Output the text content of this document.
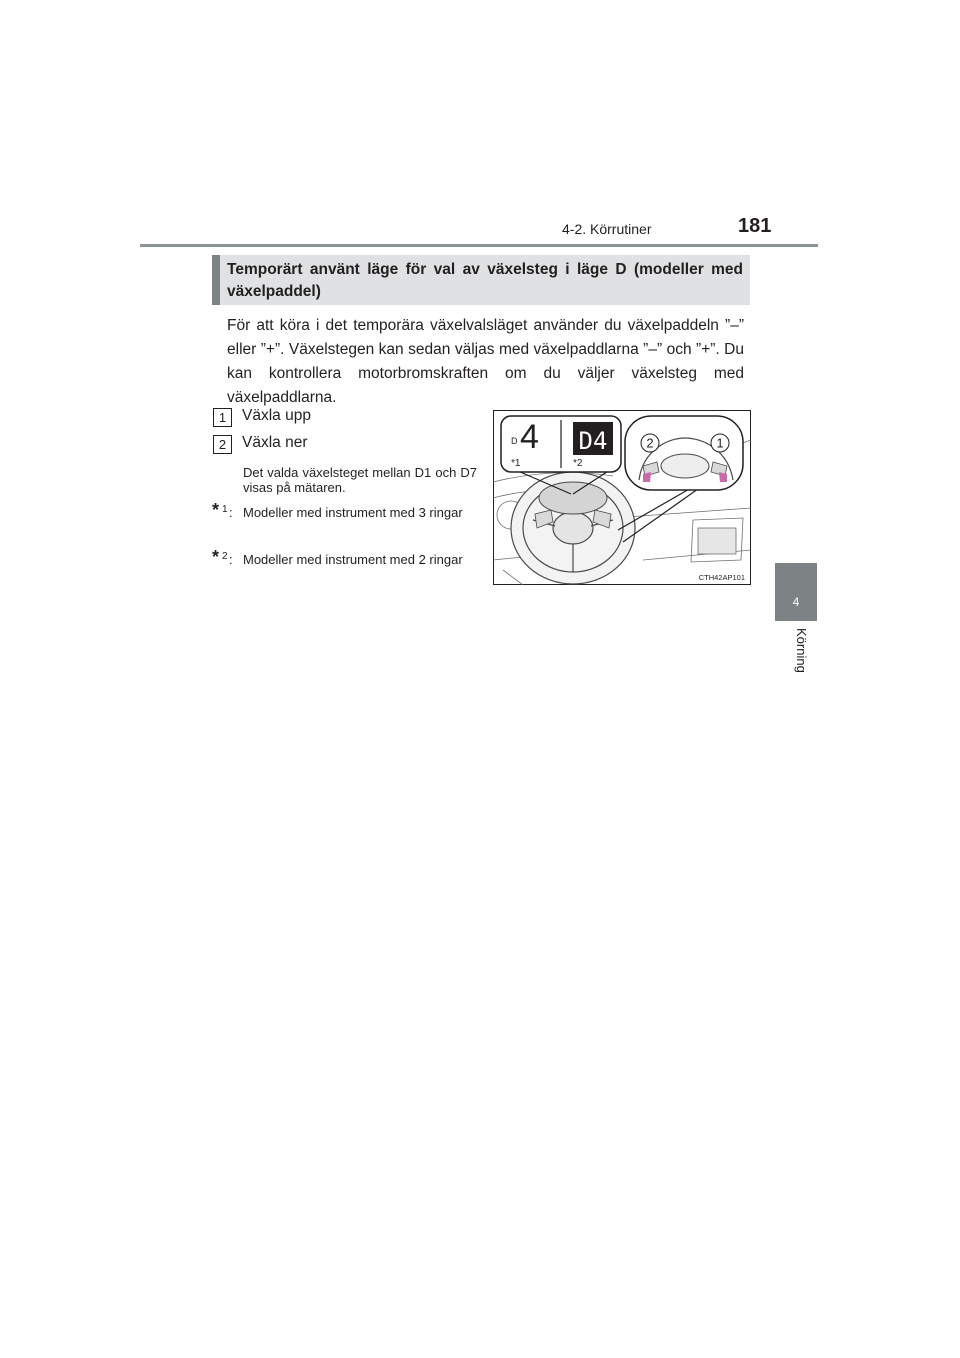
4-2. Körrutiner	181
4
Körning
Temporärt använt läge för val av växelsteg i läge D (modeller med växelpaddel)
För att köra i det temporära växelvalsläget använder du växelpaddeln ”–” eller ”+”. Växelstegen kan sedan väljas med växelpaddlarna ”–” och ”+”. Du kan kontrollera motorbromskraften om du väljer växelsteg med växelpaddlarna.
1	Växla upp
2	Växla ner
Det valda växelsteget mellan D1 och D7 visas på mätaren.
* 1 : Modeller med instrument med 3 ringar
* 2 : Modeller med instrument med 2 ringar
D 4 D4
*1	*2
2	1
CTH42AP101
